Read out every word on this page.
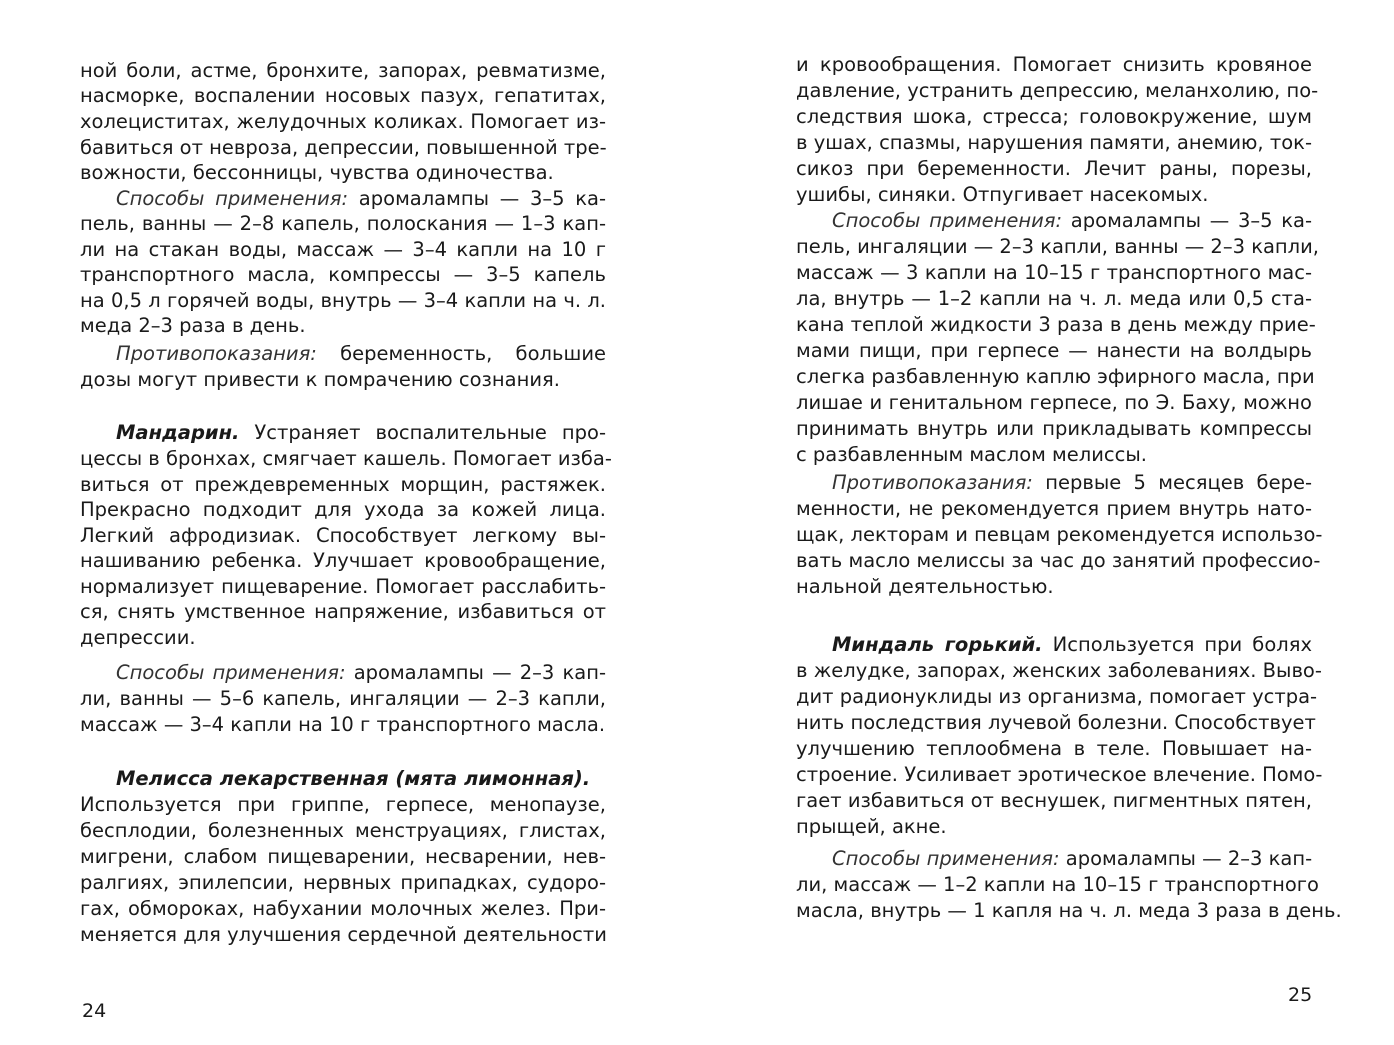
ной боли, астме, бронхите, запорах, ревматизме,
насморке, воспалении носовых пазух, гепатитах,
холециститах, желудочных коликах. Помогает из-
бавиться от невроза, депрессии, повышенной тре-
вожности, бессонницы, чувства одиночества.
Способы применения: аромалампы — 3–5 ка-
пель, ванны — 2–8 капель, полоскания — 1–3 кап-
ли на стакан воды, массаж — 3–4 капли на 10 г
транспортного масла, компрессы — 3–5 капель
на 0,5 л горячей воды, внутрь — 3–4 капли на ч. л.
меда 2–3 раза в день.
Противопоказания: беременность, большие
дозы могут привести к помрачению сознания.
Мандарин. Устраняет воспалительные про-
цессы в бронхах, смягчает кашель. Помогает изба-
виться от преждевременных морщин, растяжек.
Прекрасно подходит для ухода за кожей лица.
Легкий афродизиак. Способствует легкому вы-
нашиванию ребенка. Улучшает кровообращение,
нормализует пищеварение. Помогает расслабить-
ся, снять умственное напряжение, избавиться от
депрессии.
Способы применения: аромалампы — 2–3 кап-
ли, ванны — 5–6 капель, ингаляции — 2–3 капли,
массаж — 3–4 капли на 10 г транспортного масла.
Мелисса лекарственная (мята лимонная).
Используется при гриппе, герпесе, менопаузе,
бесплодии, болезненных менструациях, глистах,
мигрени, слабом пищеварении, несварении, нев-
ралгиях, эпилепсии, нервных припадках, судоро-
гах, обмороках, набухании молочных желез. При-
меняется для улучшения сердечной деятельности
и кровообращения. Помогает снизить кровяное
давление, устранить депрессию, меланхолию, по-
следствия шока, стресса; головокружение, шум
в ушах, спазмы, нарушения памяти, анемию, ток-
сикоз при беременности. Лечит раны, порезы,
ушибы, синяки. Отпугивает насекомых.
Способы применения: аромалампы — 3–5 ка-
пель, ингаляции — 2–3 капли, ванны — 2–3 капли,
массаж — 3 капли на 10–15 г транспортного мас-
ла, внутрь — 1–2 капли на ч. л. меда или 0,5 ста-
кана теплой жидкости 3 раза в день между прие-
мами пищи, при герпесе — нанести на волдырь
слегка разбавленную каплю эфирного масла, при
лишае и генитальном герпесе, по Э. Баху, можно
принимать внутрь или прикладывать компрессы
с разбавленным маслом мелиссы.
Противопоказания: первые 5 месяцев бере-
менности, не рекомендуется прием внутрь нато-
щак, лекторам и певцам рекомендуется использо-
вать масло мелиссы за час до занятий профессио-
нальной деятельностью.
Миндаль горький. Используется при болях
в желудке, запорах, женских заболеваниях. Выво-
дит радионуклиды из организма, помогает устра-
нить последствия лучевой болезни. Способствует
улучшению теплообмена в теле. Повышает на-
строение. Усиливает эротическое влечение. Помо-
гает избавиться от веснушек, пигментных пятен,
прыщей, акне.
Способы применения: аромалампы — 2–3 кап-
ли, массаж — 1–2 капли на 10–15 г транспортного
масла, внутрь — 1 капля на ч. л. меда 3 раза в день.
24
25
